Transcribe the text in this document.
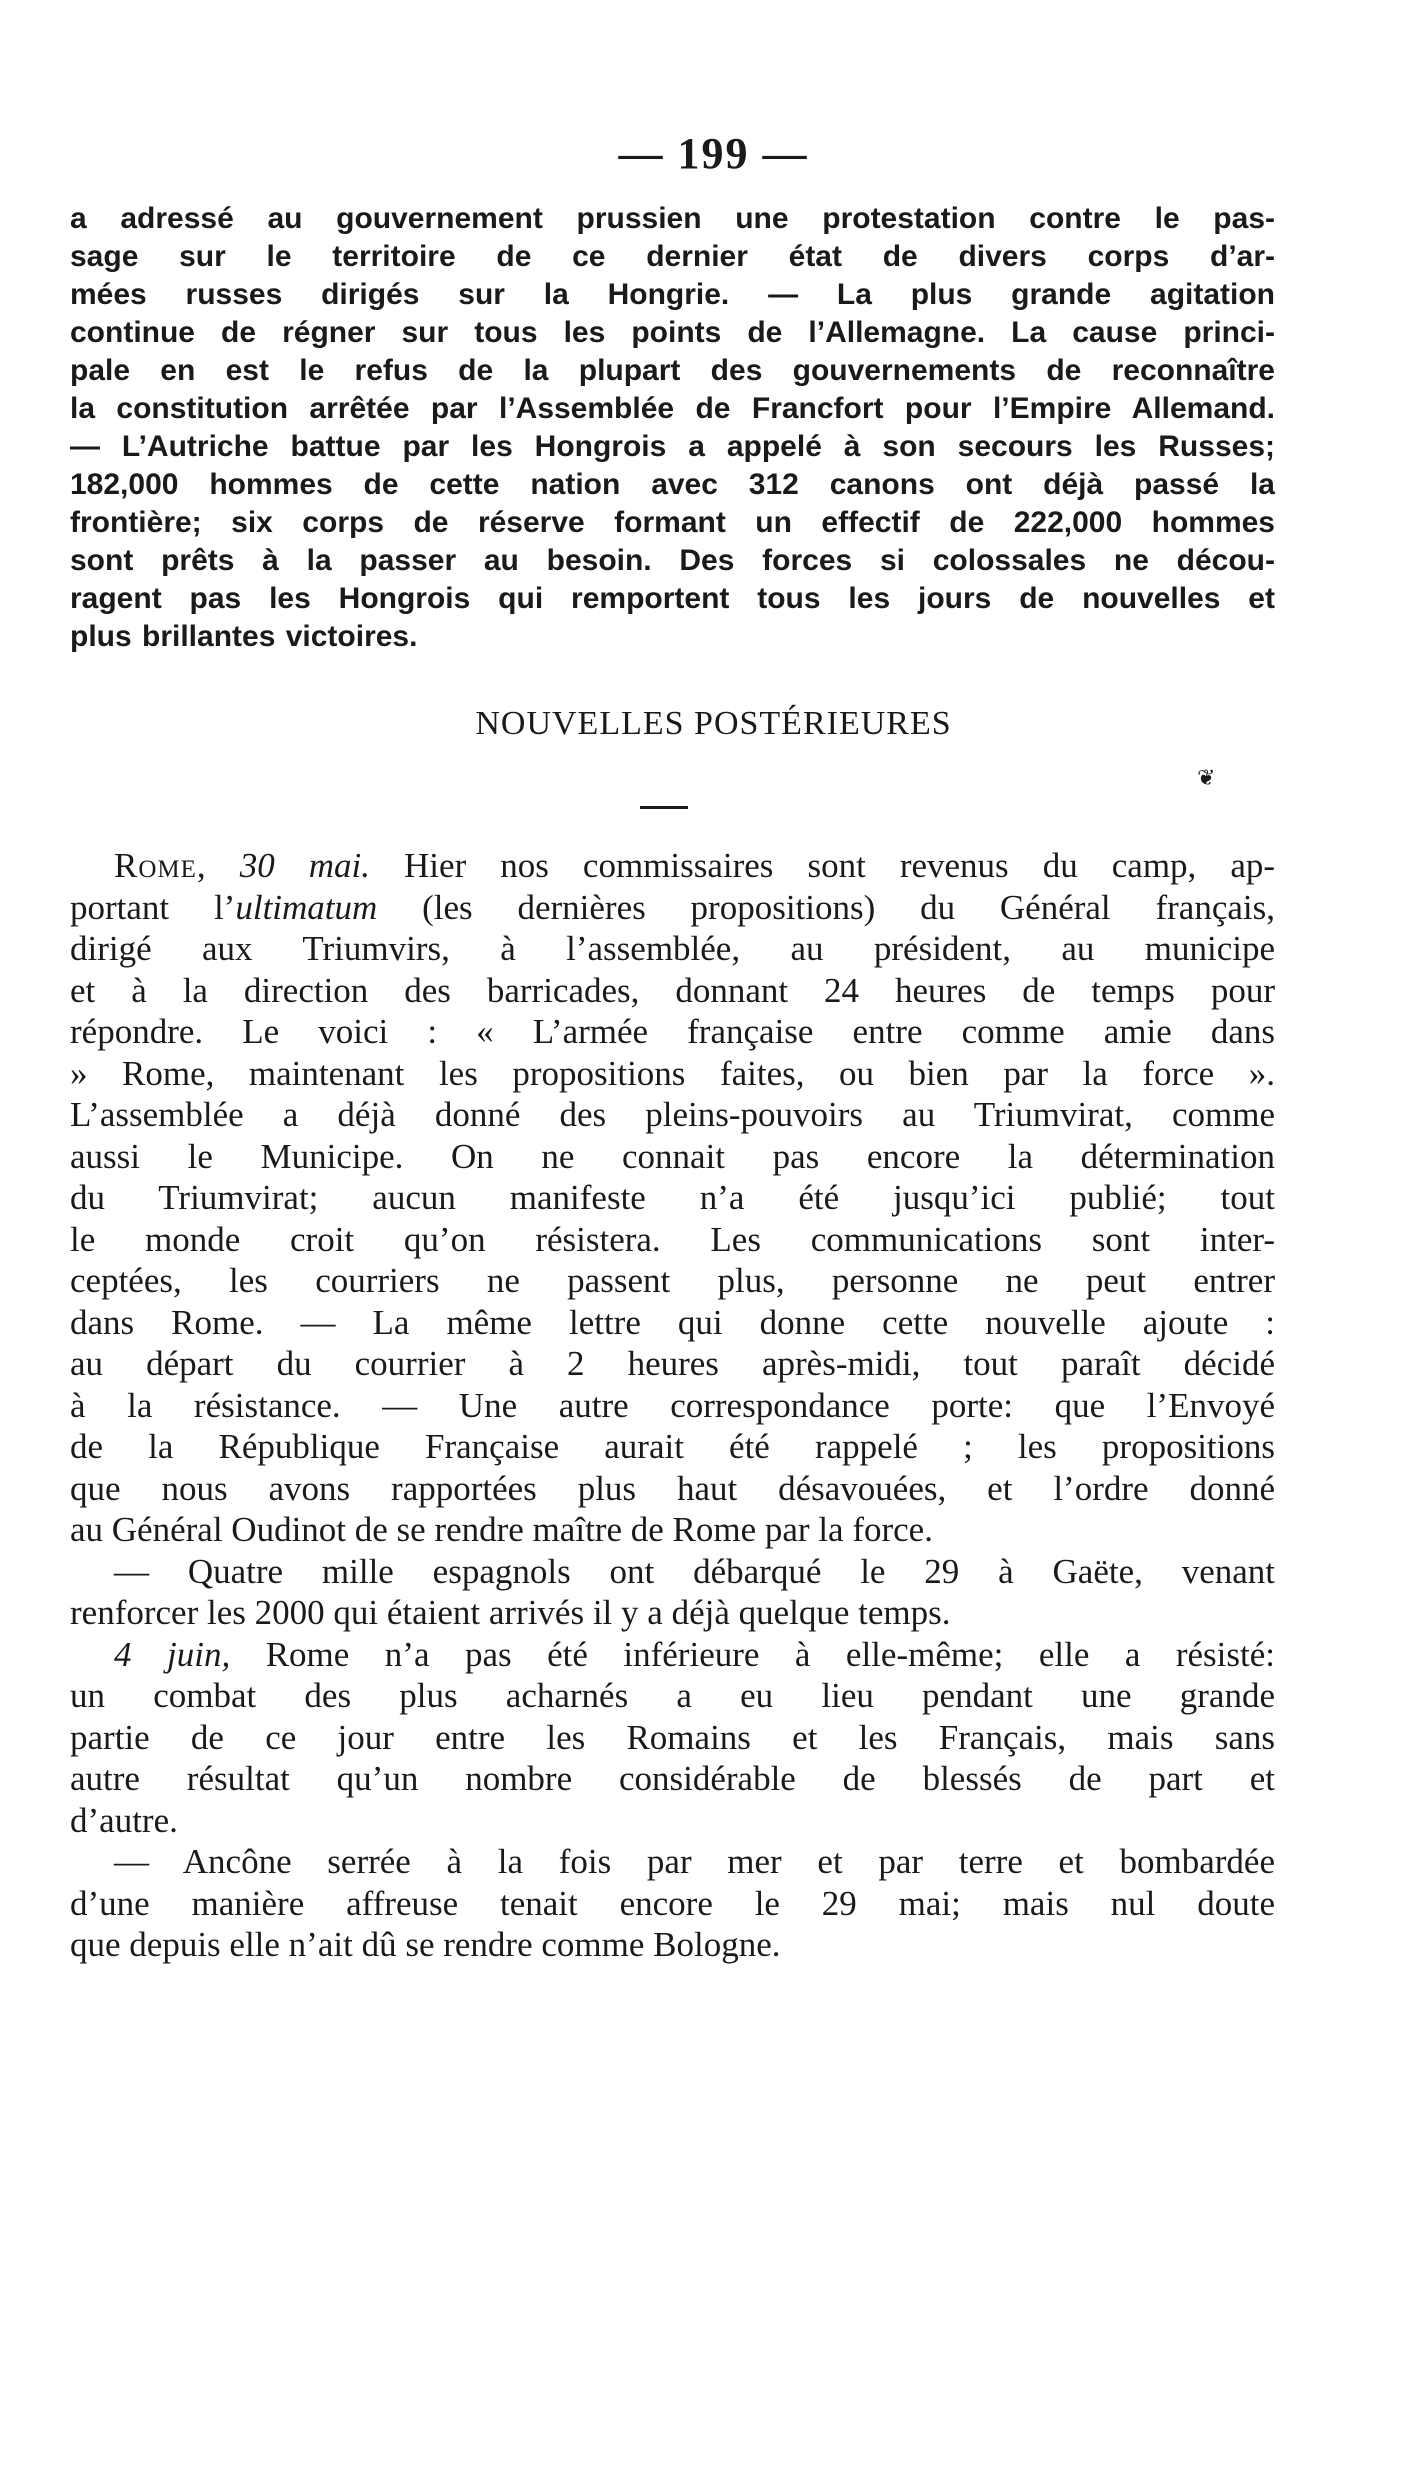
— 199 —
a adressé au gouvernement prussien une protestation contre le pas-
sage sur le territoire de ce dernier état de divers corps d’ar-
mées russes dirigés sur la Hongrie. — La plus grande agitation
continue de régner sur tous les points de l’Allemagne. La cause princi-
pale en est le refus de la plupart des gouvernements de reconnaître
la constitution arrêtée par l’Assemblée de Francfort pour l’Empire Allemand.
— L’Autriche battue par les Hongrois a appelé à son secours les Russes;
182,000 hommes de cette nation avec 312 canons ont déjà passé la
frontière; six corps de réserve formant un effectif de 222,000 hommes
sont prêts à la passer au besoin. Des forces si colossales ne décou-
ragent pas les Hongrois qui remportent tous les jours de nouvelles et
plus brillantes victoires.
NOUVELLES POSTÉRIEURES
❦
Rome, 30 mai. Hier nos commissaires sont revenus du camp, ap-
portant l’ultimatum (les dernières propositions) du Général français,
dirigé aux Triumvirs, à l’assemblée, au président, au municipe
et à la direction des barricades, donnant 24 heures de temps pour
répondre. Le voici : « L’armée française entre comme amie dans
» Rome, maintenant les propositions faites, ou bien par la force ».
L’assemblée a déjà donné des pleins-pouvoirs au Triumvirat, comme
aussi le Municipe. On ne connait pas encore la détermination
du Triumvirat; aucun manifeste n’a été jusqu’ici publié; tout
le monde croit qu’on résistera. Les communications sont inter-
ceptées, les courriers ne passent plus, personne ne peut entrer
dans Rome. — La même lettre qui donne cette nouvelle ajoute :
au départ du courrier à 2 heures après-midi, tout paraît décidé
à la résistance. — Une autre correspondance porte: que l’Envoyé
de la République Française aurait été rappelé ; les propositions
que nous avons rapportées plus haut désavouées, et l’ordre donné
au Général Oudinot de se rendre maître de Rome par la force.
— Quatre mille espagnols ont débarqué le 29 à Gaëte, venant
renforcer les 2000 qui étaient arrivés il y a déjà quelque temps.
4 juin, Rome n’a pas été inférieure à elle-même; elle a résisté:
un combat des plus acharnés a eu lieu pendant une grande
partie de ce jour entre les Romains et les Français, mais sans
autre résultat qu’un nombre considérable de blessés de part et
d’autre.
— Ancône serrée à la fois par mer et par terre et bombardée
d’une manière affreuse tenait encore le 29 mai; mais nul doute
que depuis elle n’ait dû se rendre comme Bologne.
